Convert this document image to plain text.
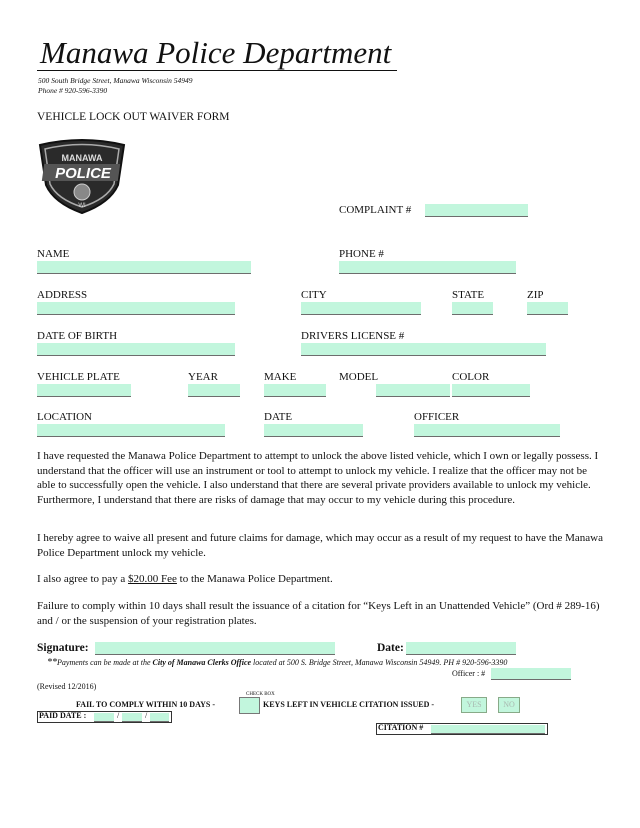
Manawa Police Department
500 South Bridge Street, Manawa Wisconsin 54949
Phone # 920-596-3390
VEHICLE LOCK OUT WAIVER FORM
MANAWA
POLICE
WI	COMPLAINT #
NAME	PHONE #
ADDRESS	CITY	STATE	ZIP
DATE OF BIRTH	DRIVERS LICENSE #
VEHICLE PLATE	YEAR	MAKE	MODEL	COLOR
LOCATION	DATE	OFFICER
I have requested the Manawa Police Department to attempt to unlock the above listed vehicle, which I own or legally possess. I understand that the officer will use an instrument or tool to attempt to unlock my vehicle. I realize that the officer may not be able to successfully open the vehicle. I also understand that there are several private providers available to unlock my vehicle. Furthermore, I understand that there are risks of damage that may occur to my vehicle during this procedure.
I hereby agree to waive all present and future claims for damage, which may occur as a result of my request to have the Manawa Police Department unlock my vehicle.
I also agree to pay a $20.00 Fee to the Manawa Police Department.
Failure to comply within 10 days shall result the issuance of a citation for “Keys Left in an Unattended Vehicle” (Ord # 289-16) and / or the suspension of your registration plates.
Signature:	Date:
**Payments can be made at the City of Manawa Clerks Office located at 500 S. Bridge Street, Manawa Wisconsin 54949. PH # 920-596-3390
Officer : #
(Revised 12/2016)
CHECK BOX
FAIL TO COMPLY WITHIN 10 DAYS -	KEYS LEFT IN VEHICLE CITATION ISSUED -	YES	NO
PAID DATE :	/	/
CITATION #
